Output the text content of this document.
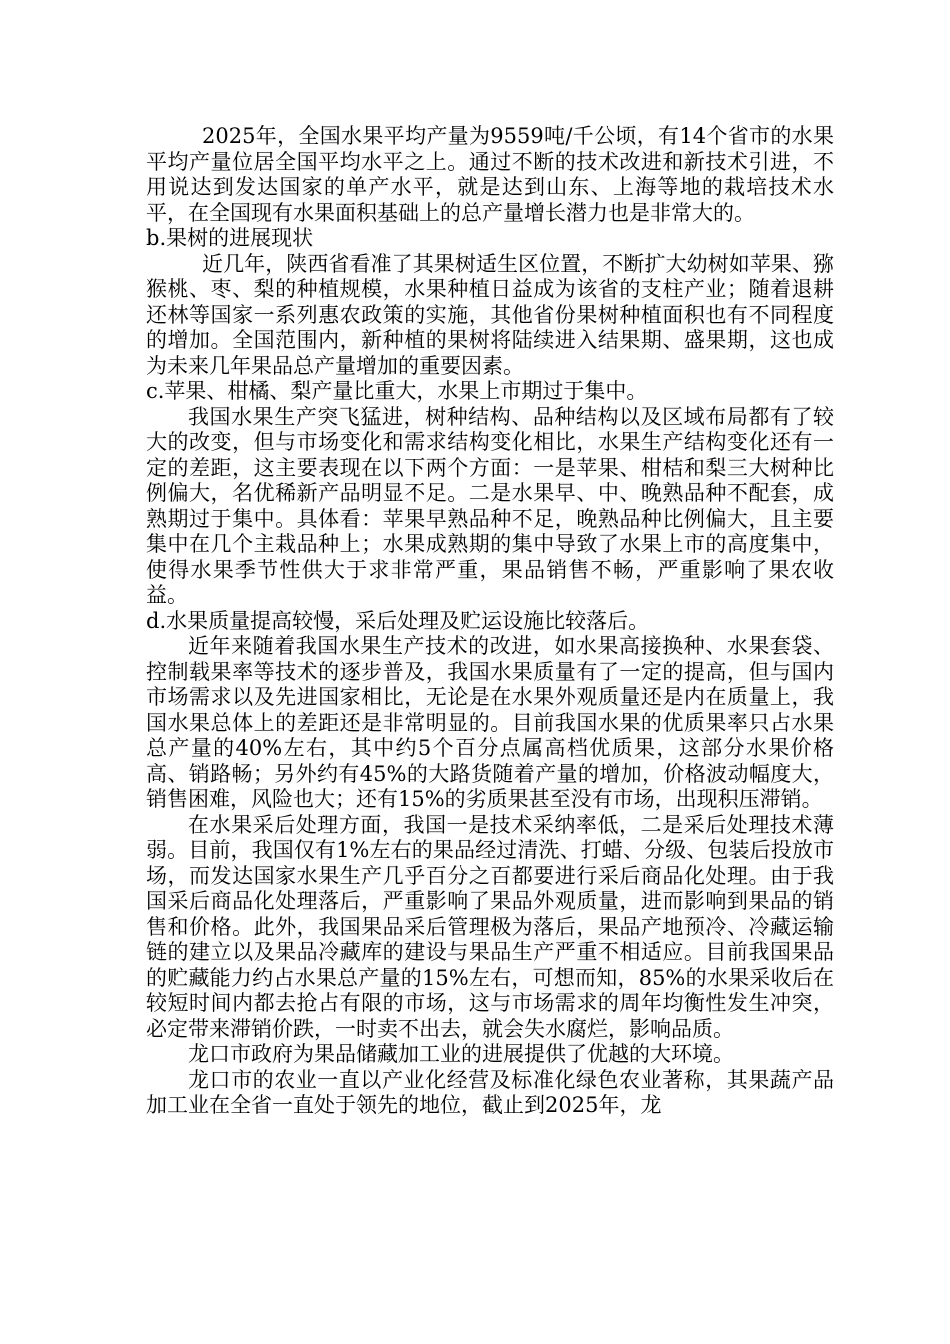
2025年，全国水果平均产量为9559吨/千公顷，有14个省市的水果平均产量位居全国平均水平之上。通过不断的技术改进和新技术引进，不用说达到发达国家的单产水平，就是达到山东、上海等地的栽培技术水平，在全国现有水果面积基础上的总产量增长潜力也是非常大的。

b.果树的进展现状

近几年，陕西省看准了其果树适生区位置，不断扩大幼树如苹果、猕猴桃、枣、梨的种植规模，水果种植日益成为该省的支柱产业；随着退耕还林等国家一系列惠农政策的实施，其他省份果树种植面积也有不同程度的增加。全国范围内，新种植的果树将陆续进入结果期、盛果期，这也成为未来几年果品总产量增加的重要因素。

c.苹果、柑橘、梨产量比重大，水果上市期过于集中。

我国水果生产突飞猛进，树种结构、品种结构以及区域布局都有了较大的改变，但与市场变化和需求结构变化相比，水果生产结构变化还有一定的差距，这主要表现在以下两个方面：一是苹果、柑桔和梨三大树种比例偏大，名优稀新产品明显不足。二是水果早、中、晚熟品种不配套，成熟期过于集中。具体看：苹果早熟品种不足，晚熟品种比例偏大，且主要集中在几个主栽品种上；水果成熟期的集中导致了水果上市的高度集中，使得水果季节性供大于求非常严重，果品销售不畅，严重影响了果农收益。

d.水果质量提高较慢，采后处理及贮运设施比较落后。

近年来随着我国水果生产技术的改进，如水果高接换种、水果套袋、控制载果率等技术的逐步普及，我国水果质量有了一定的提高，但与国内市场需求以及先进国家相比，无论是在水果外观质量还是内在质量上，我国水果总体上的差距还是非常明显的。目前我国水果的优质果率只占水果总产量的40%左右，其中约5个百分点属高档优质果，这部分水果价格高、销路畅；另外约有45%的大路货随着产量的增加，价格波动幅度大，销售困难，风险也大；还有15%的劣质果甚至没有市场，出现积压滞销。

在水果采后处理方面，我国一是技术采纳率低，二是采后处理技术薄弱。目前，我国仅有1%左右的果品经过清洗、打蜡、分级、包装后投放市场，而发达国家水果生产几乎百分之百都要进行采后商品化处理。由于我国采后商品化处理落后，严重影响了果品外观质量，进而影响到果品的销售和价格。此外，我国果品采后管理极为落后，果品产地预冷、冷藏运输链的建立以及果品冷藏库的建设与果品生产严重不相适应。目前我国果品的贮藏能力约占水果总产量的15%左右，可想而知，85%的水果采收后在较短时间内都去抢占有限的市场，这与市场需求的周年均衡性发生冲突，必定带来滞销价跌，一时卖不出去，就会失水腐烂，影响品质。

龙口市政府为果品储藏加工业的进展提供了优越的大环境。

龙口市的农业一直以产业化经营及标准化绿色农业著称，其果蔬产品加工业在全省一直处于领先的地位，截止到2025年，龙
